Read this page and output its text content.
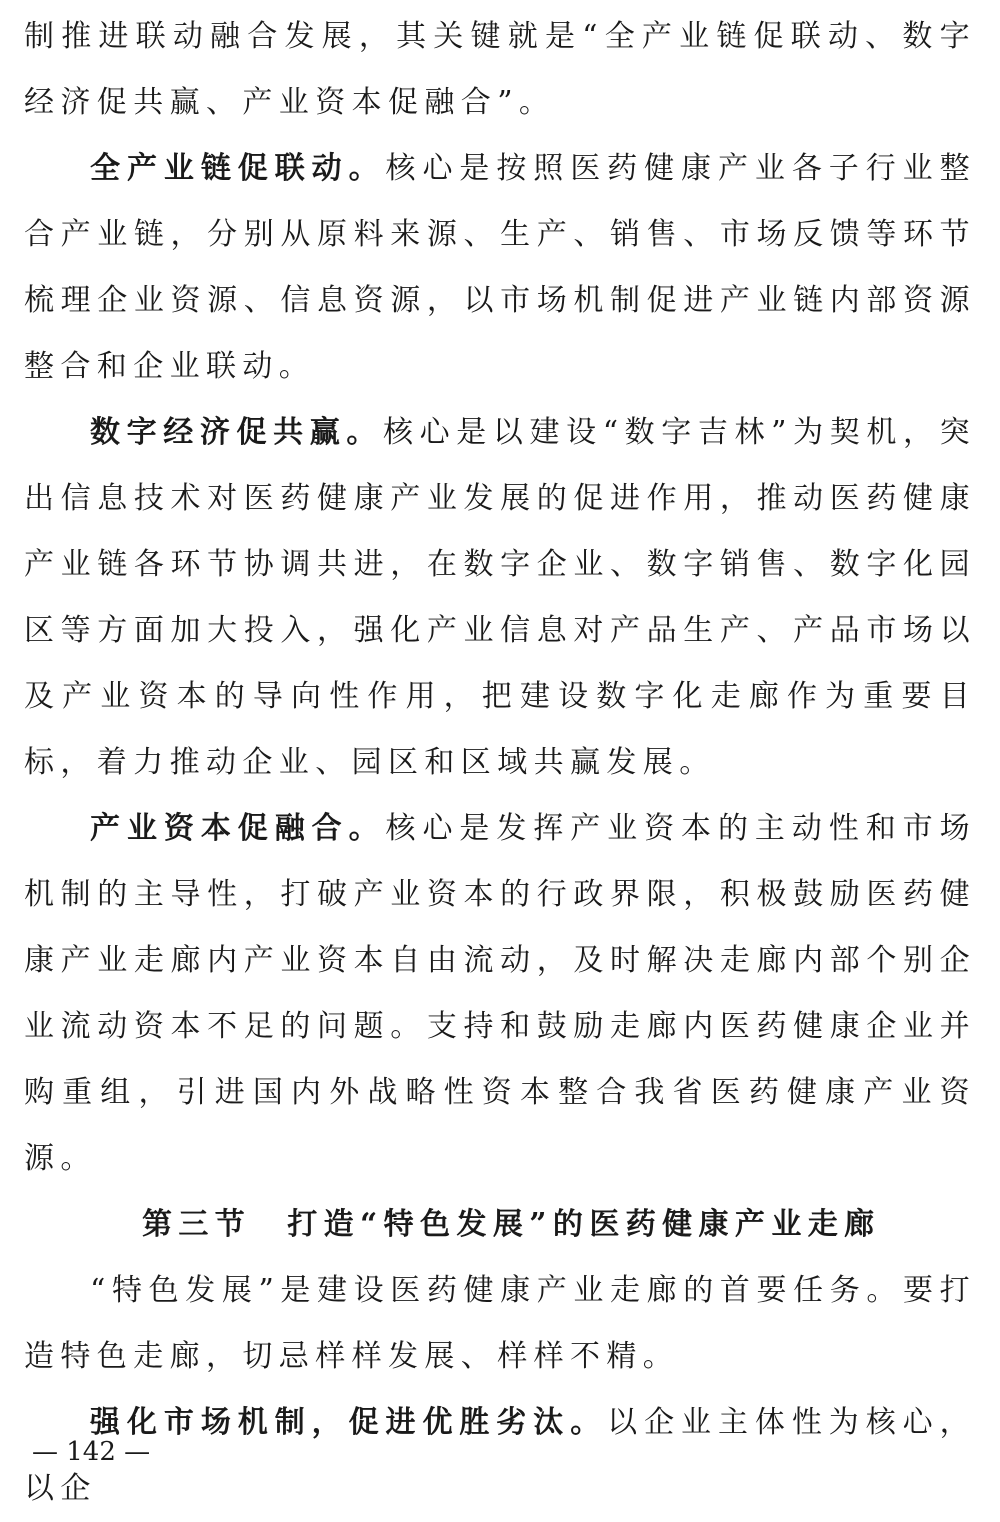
制推进联动融合发展，其关键就是“全产业链促联动、数字经济促共赢、产业资本促融合”。

全产业链促联动。核心是按照医药健康产业各子行业整合产业链，分别从原料来源、生产、销售、市场反馈等环节梳理企业资源、信息资源，以市场机制促进产业链内部资源整合和企业联动。

数字经济促共赢。核心是以建设“数字吉林”为契机，突出信息技术对医药健康产业发展的促进作用，推动医药健康产业链各环节协调共进，在数字企业、数字销售、数字化园区等方面加大投入，强化产业信息对产品生产、产品市场以及产业资本的导向性作用，把建设数字化走廊作为重要目标，着力推动企业、园区和区域共赢发展。

产业资本促融合。核心是发挥产业资本的主动性和市场机制的主导性，打破产业资本的行政界限，积极鼓励医药健康产业走廊内产业资本自由流动，及时解决走廊内部个别企业流动资本不足的问题。支持和鼓励走廊内医药健康企业并购重组，引进国内外战略性资本整合我省医药健康产业资源。

第三节 打造“特色发展”的医药健康产业走廊

“特色发展”是建设医药健康产业走廊的首要任务。要打造特色走廊，切忌样样发展、样样不精。

强化市场机制，促进优胜劣汰。以企业主体性为核心，以企

— 142 —
